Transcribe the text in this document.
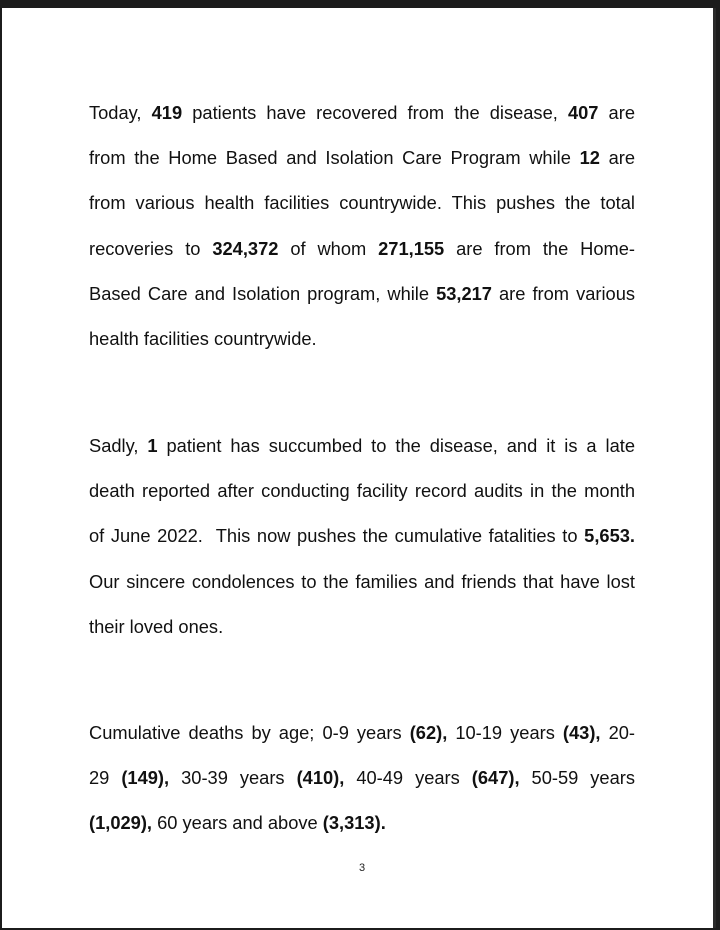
Today, 419 patients have recovered from the disease, 407 are
from the Home Based and Isolation Care Program while 12 are
from various health facilities countrywide. This pushes the total
recoveries to 324,372 of whom 271,155 are from the Home-
Based Care and Isolation program, while 53,217 are from various
health facilities countrywide.
Sadly, 1 patient has succumbed to the disease, and it is a late
death reported after conducting facility record audits in the month
of June 2022.  This now pushes the cumulative fatalities to 5,653.
Our sincere condolences to the families and friends that have lost
their loved ones.
Cumulative deaths by age; 0-9 years (62), 10-19 years (43), 20-
29 (149), 30-39 years (410), 40-49 years (647), 50-59 years
(1,029), 60 years and above (3,313).
3
